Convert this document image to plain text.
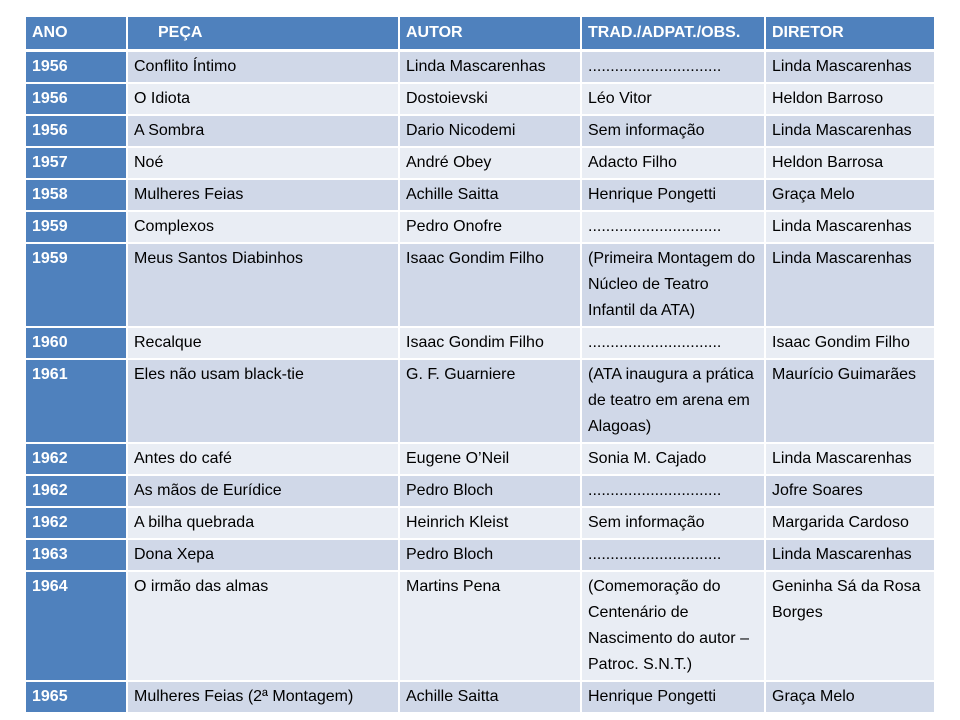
ANO	PEÇA	AUTOR	TRAD./ADPAT./OBS.	DIRETOR
1956	Conflito Íntimo	Linda Mascarenhas	..............................	Linda Mascarenhas
1956	O Idiota	Dostoievski	Léo Vitor	Heldon Barroso
1956	A Sombra	Dario Nicodemi	Sem informação	Linda Mascarenhas
1957	Noé	André Obey	Adacto Filho	Heldon Barrosa
1958	Mulheres Feias	Achille Saitta	Henrique Pongetti	Graça Melo
1959	Complexos	Pedro Onofre	..............................	Linda Mascarenhas
1959	Meus Santos Diabinhos	Isaac Gondim Filho	(Primeira Montagem do Núcleo de Teatro Infantil da ATA)	Linda Mascarenhas
1960	Recalque	Isaac Gondim Filho	..............................	Isaac Gondim Filho
1961	Eles não usam black-tie	G. F. Guarniere	(ATA inaugura a prática de teatro em arena em Alagoas)	Maurício Guimarães
1962	Antes do café	Eugene O’Neil	Sonia M. Cajado	Linda Mascarenhas
1962	As mãos de Eurídice	Pedro Bloch	..............................	Jofre Soares
1962	A bilha quebrada	Heinrich Kleist	Sem informação	Margarida Cardoso
1963	Dona Xepa	Pedro Bloch	..............................	Linda Mascarenhas
1964	O irmão das almas	Martins Pena	(Comemoração do Centenário de Nascimento do autor – Patroc. S.N.T.)	Geninha Sá da Rosa Borges
1965	Mulheres Feias (2ª Montagem)	Achille Saitta	Henrique Pongetti	Graça Melo
